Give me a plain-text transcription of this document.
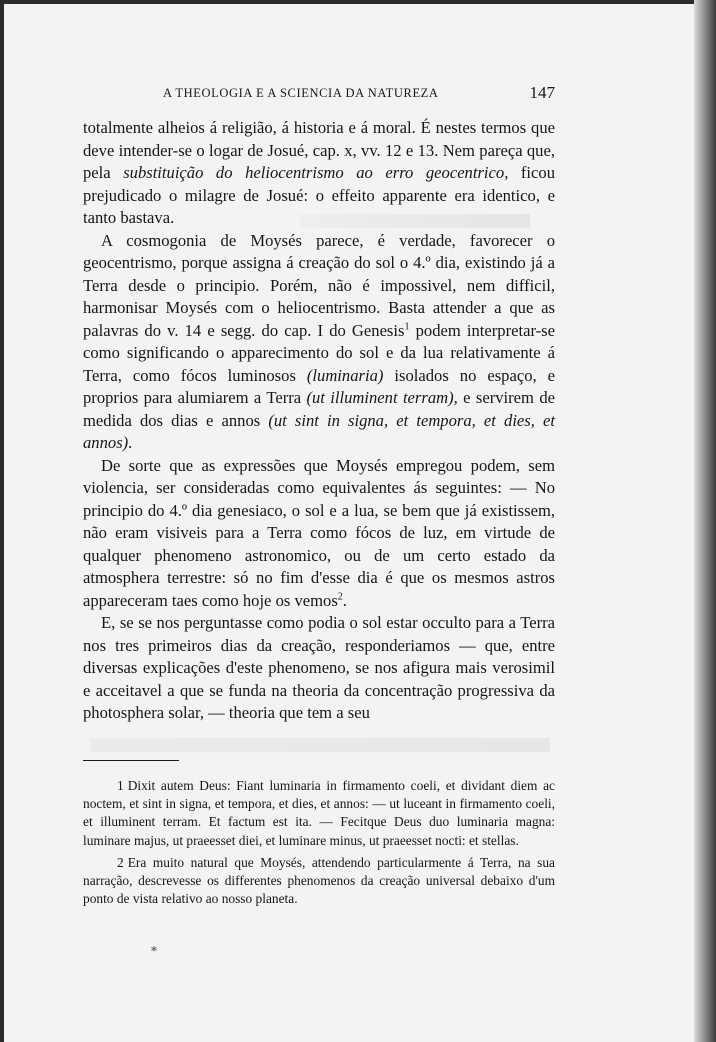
A THEOLOGIA E A SCIENCIA DA NATUREZA	147

totalmente alheios á religião, á historia e á moral. É nestes termos que deve intender-se o logar de Josué, cap. x, vv. 12 e 13. Nem pareça que, pela substituição do heliocentrismo ao erro geocentrico, ficou prejudicado o milagre de Josué: o effeito apparente era identico, e tanto bastava.

A cosmogonia de Moysés parece, é verdade, favorecer o geocentrismo, porque assigna á creação do sol o 4.º dia, existindo já a Terra desde o principio. Porém, não é impossivel, nem difficil, harmonisar Moysés com o heliocentrismo. Basta attender a que as palavras do v. 14 e segg. do cap. I do Genesis$^1$ podem interpretar-se como significando o apparecimento do sol e da lua relativamente á Terra, como fócos luminosos (luminaria) isolados no espaço, e proprios para alumiarem a Terra (ut illuminent terram), e servirem de medida dos dias e annos (ut sint in signa, et tempora, et dies, et annos).

De sorte que as expressões que Moysés empregou podem, sem violencia, ser consideradas como equivalentes ás seguintes: — No principio do 4.º dia genesiaco, o sol e a lua, se bem que já existissem, não eram visiveis para a Terra como fócos de luz, em virtude de qualquer phenomeno astronomico, ou de um certo estado da atmosphera terrestre: só no fim d'esse dia é que os mesmos astros appareceram taes como hoje os vemos$^2$.

E, se se nos perguntasse como podia o sol estar occulto para a Terra nos tres primeiros dias da creação, responderiamos — que, entre diversas explicações d'este phenomeno, se nos afigura mais verosimil e acceitavel a que se funda na theoria da concentração progressiva da photosphera solar, — theoria que tem a seu

1 Dixit autem Deus: Fiant luminaria in firmamento coeli, et dividant diem ac noctem, et sint in signa, et tempora, et dies, et annos: — ut luceant in firmamento coeli, et illuminent terram. Et factum est ita. — Fecitque Deus duo luminaria magna: luminare majus, ut praeesset diei, et luminare minus, ut praeesset nocti: et stellas.

2 Era muito natural que Moysés, attendendo particularmente á Terra, na sua narração, descrevesse os differentes phenomenos da creação universal debaixo d'um ponto de vista relativo ao nosso planeta.

*
